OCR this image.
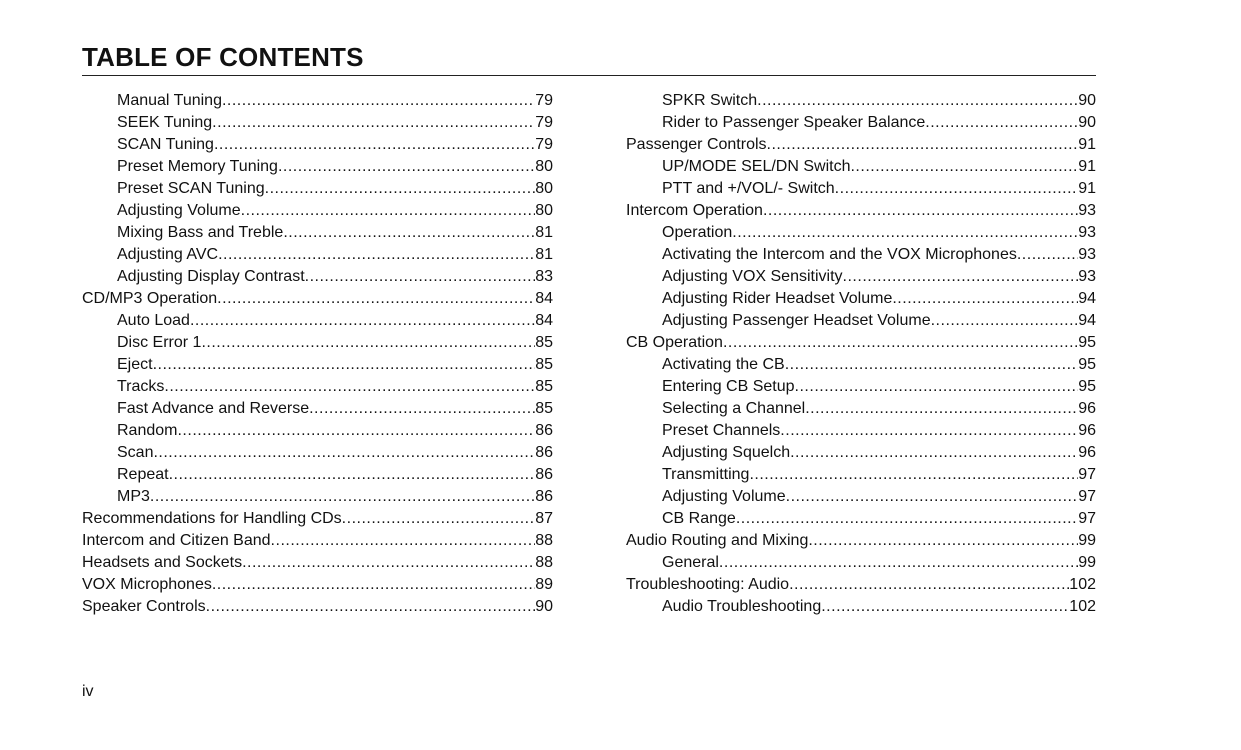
TABLE OF CONTENTS
Manual Tuning .....	79
SEEK Tuning .....	79
SCAN Tuning .....	79
Preset Memory Tuning .....	80
Preset SCAN Tuning .....	80
Adjusting Volume .....	80
Mixing Bass and Treble .....	81
Adjusting AVC .....	81
Adjusting Display Contrast .....	83
CD/MP3 Operation .....	84
Auto Load .....	84
Disc Error 1 .....	85
Eject .....	85
Tracks .....	85
Fast Advance and Reverse .....	85
Random .....	86
Scan .....	86
Repeat .....	86
MP3 .....	86
Recommendations for Handling CDs .....	87
Intercom and Citizen Band .....	88
Headsets and Sockets .....	88
VOX Microphones .....	89
Speaker Controls .....	90
SPKR Switch .....	90
Rider to Passenger Speaker Balance .....	90
Passenger Controls .....	91
UP/MODE SEL/DN Switch .....	91
PTT and +/VOL/- Switch .....	91
Intercom Operation .....	93
Operation .....	93
Activating the Intercom and the VOX Microphones .....	93
Adjusting VOX Sensitivity .....	93
Adjusting Rider Headset Volume .....	94
Adjusting Passenger Headset Volume .....	94
CB Operation .....	95
Activating the CB .....	95
Entering CB Setup .....	95
Selecting a Channel .....	96
Preset Channels .....	96
Adjusting Squelch .....	96
Transmitting .....	97
Adjusting Volume .....	97
CB Range .....	97
Audio Routing and Mixing .....	99
General .....	99
Troubleshooting: Audio .....	102
Audio Troubleshooting .....	102
iv
